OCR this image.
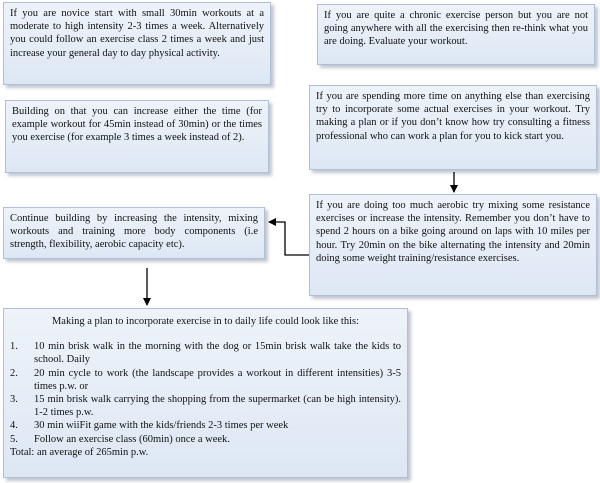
If you are novice start with small 30min workouts at a moderate to high intensity 2-3 times a week. Alternatively you could follow an exercise class 2 times a week and just increase your general day to day physical activity.
If you are quite a chronic exercise person but you are not going anywhere with all the exercising then re-think what you are doing. Evaluate your workout.
Building on that you can increase either the time (for example workout for 45min instead of 30min) or the times you exercise (for example 3 times a week instead of 2).
If you are spending more time on anything else than exercising try to incorporate some actual exercises in your workout. Try making a plan or if you don’t know how try consulting a fitness professional who can work a plan for you to kick start you.
If you are doing too much aerobic try mixing some resistance exercises or increase the intensity. Remember you don’t have to spend 2 hours on a bike going around on laps with 10 miles per hour. Try 20min on the bike alternating the intensity and 20min doing some weight training/resistance exercises.
Continue building by increasing the intensity, mixing workouts and training more body components (i.e strength, flexibility, aerobic capacity etc).
Making a plan to incorporate exercise in to daily life could look like this:
1.	10 min brisk walk in the morning with the dog or 15min brisk walk take the kids to school. Daily
2.	20 min cycle to work (the landscape provides a workout in different intensities) 3-5 times p.w. or
3.	15 min brisk walk carrying the shopping from the supermarket (can be high intensity). 1-2 times p.w.
4.	30 min wiiFit game with the kids/friends 2-3 times per week
5.	Follow an exercise class (60min) once a week.
Total: an average of 265min p.w.
